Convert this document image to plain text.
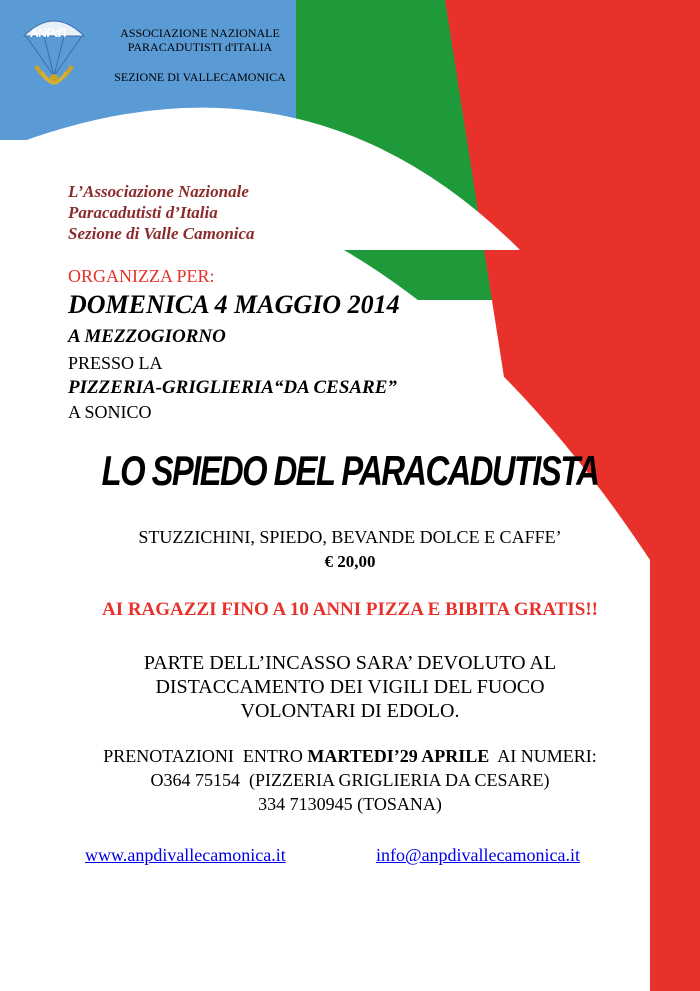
ANPd'I	ASSOCIAZIONE NAZIONALE
PARACADUTISTI d'ITALIA
SEZIONE DI VALLECAMONICA
L’Associazione Nazionale
Paracadutisti d’Italia
Sezione di Valle Camonica
ORGANIZZA PER:
DOMENICA 4 MAGGIO 2014
A MEZZOGIORNO
PRESSO LA
PIZZERIA-GRIGLIERIA“DA CESARE”
A SONICO
LO SPIEDO DEL PARACADUTISTA
STUZZICHINI, SPIEDO, BEVANDE DOLCE E CAFFE’
€ 20,00
AI RAGAZZI FINO A 10 ANNI PIZZA E BIBITA GRATIS!!
PARTE DELL’INCASSO SARA’ DEVOLUTO AL
DISTACCAMENTO DEI VIGILI DEL FUOCO
VOLONTARI DI EDOLO.
PRENOTAZIONI  ENTRO MARTEDI’29 APRILE  AI NUMERI:
O364 75154  (PIZZERIA GRIGLIERIA DA CESARE)
334 7130945 (TOSANA)
www.anpdivallecamonica.it	info@anpdivallecamonica.it
